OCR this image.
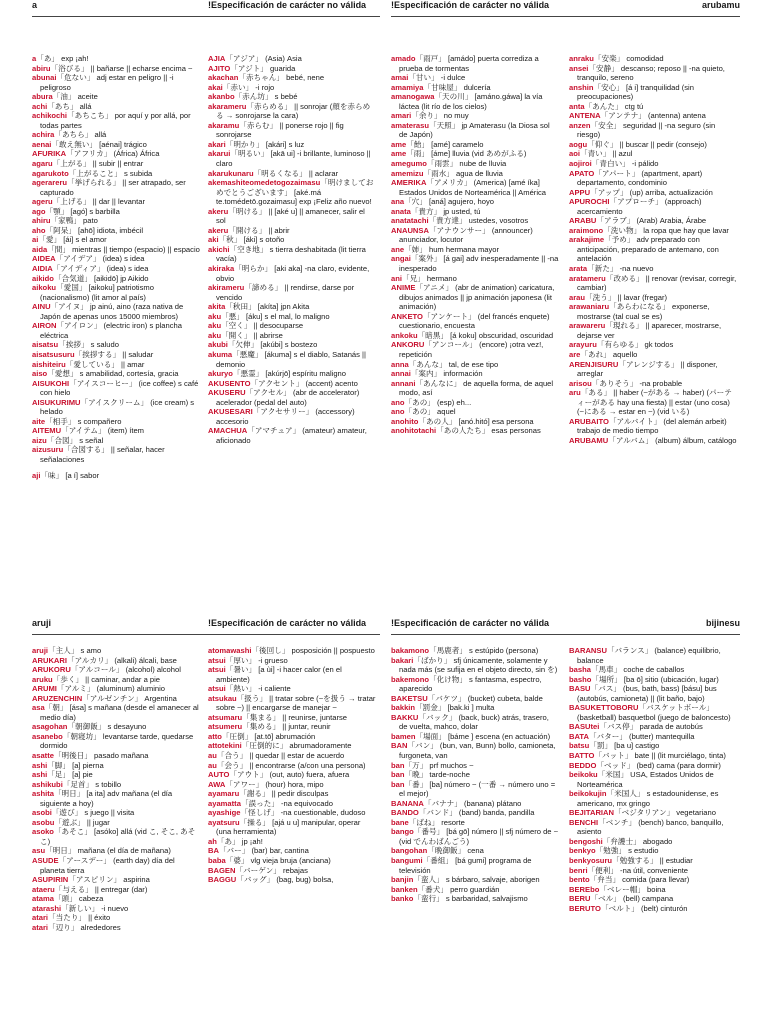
a	!Especificación de carácter no válida	!Especificación de carácter no válida	arubamu

a「あ」 exp ¡ah!

abiru「浴びる」 || bañarse || echarse encima ~

abunai「危ない」 adj estar en peligro || -i peligroso

abura「油」 aceite

achi「あち」 allá

achikochi「あちこち」 por aquí y por allá, por todas partes

achira「あちら」 allá

aenai「敢え無い」 [aénai] trágico

AFURIKA「アフリカ」 (África) África

agaru「上がる」 || subir || entrar

agarukoto「上がること」 s subida

agerareru「挙げられる」 || ser atrapado, ser capturado

ageru「上げる」 || dar || levantar

ago「顎」 [agó] s barbilla

ahiru「家鴨」 pato

aho「阿呆」 [ahō] idiota, imbécil

ai「愛」 [ái] s el amor

aida「間」 mientras || tiempo (espacio) || espacio

AIDEA「アイデア」 (idea) s idea

AIDIA「アイディア」 (idea) s idea

aikido「合気道」 [aikidō] jp Aikido

aikoku「愛国」 [aikoku] patriotismo (nacionalismo) (lit amor al país)

AINU「アイヌ」 jp ainú, aino (raza nativa de Japón de apenas unos 15000 miembros)

AIRON「アイロン」 (electric iron) s plancha eléctrica

aisatsu「挨拶」 s saludo

aisatsusuru「挨拶する」 || saludar

aishiteiru「愛している」 || amar

aiso「愛想」 s amabilidad, cortesía, gracia

AISUKOHI「アイスコーヒー」 (ice coffee) s café con hielo

AISUKURIMU「アイスクリーム」 (ice cream) s helado

aite「相手」 s compañero

AITEMU「アイテム」 (item) ítem

aizu「合図」 s señal

aizusuru「合図する」 || señalar, hacer señalaciones

aji「味」 [a í] sabor

AJIA「アジア」 (Asia) Asia

AJITO「アジト」 guarida

akachan「赤ちゃん」 bebé, nene

akai「赤い」 -i rojo

akanbo「赤ん坊」 s bebé

akarameru「赤らめる」 || sonrojar (顔を赤らめる → sonrojarse la cara)

akaramu「赤らむ」 || ponerse rojo || fig sonrojarse

akari「明かり」 [akári] s luz

akarui「明るい」 [akā ui] -i brillante, luminoso || claro

akarukunaru「明るくなる」 || aclarar

akemashiteomedetogozaimasu「明けましておめでとうございます」 [aké.má te.tomédetō.gozaimasu] exp ¡Feliz año nuevo!

akeru「明ける」 || [aké u] || amanecer, salir el sol

akeru「開ける」 || abrir

aki「秋」 [áki] s otoño

akichi「空き地」 s tierra deshabitada (lit tierra vacía)

akiraka「明らか」 [aki aka] -na claro, evidente, obvio

akirameru「諦める」 || rendirse, darse por vencido

akita「秋田」 [akíta] jpn Akita

aku「悪」 [áku] s el mal, lo maligno

aku「空く」 || desocuparse

aku「開く」 || abrirse

akubi「欠伸」 [akúbi] s bostezo

akuma「悪魔」 [ákuma] s el diablo, Satanás || demonio

akuryo「悪霊」 [akúrjō] espíritu maligno

AKUSENTO「アクセント」 (accent) acento

AKUSERU「アクセル」 (abr de accelerator) acelerador (pedal del auto)

AKUSESARI「アクセサリー」 (accessory) accesorio

AMACHUA「アマチュア」 (amateur) amateur, aficionado

amado「雨戸」 [amádo] puerta corrediza a prueba de tormentas

amai「甘い」 -i dulce

amamiya「甘味屋」 dulcería

amanogawa「天の川」 [amáno.gáwa] la vía láctea (lit río de los cielos)

amari「余り」 no muy

amaterasu「天照」 jp Amaterasu (la Diosa sol de Japón)

ame「飴」 [amé] caramelo

ame「雨」 [áme] lluvia (vid あめがふる)

amegumo「雨雲」 nube de lluvia

amemizu「雨水」 agua de lluvia

AMERIKA「アメリカ」 (America) [amé íka] Estados Unidos de Norteamérica || América

ana「穴」 [aná] agujero, hoyo

anata「貴方」 jp usted, tú

anatatachi「貴方達」 ustedes, vosotros

ANAUNSA「アナウンサー」 (announcer) anunciador, locutor

ane「姉」 hum hermana mayor

angai「案外」 [á gai] adv inesperadamente || -na inesperado

ani「兄」 hermano

ANIME「アニメ」 (abr de animation) caricatura, dibujos animados || jp animación japonesa (lit animación)

ANKETO「アンケート」 (del francés enquete) cuestionario, encuesta

ankoku「暗黒」 [á koku] obscuridad, oscuridad

ANKORU「アンコール」 (encore) ¡otra vez!, repetición

anna「あんな」 tal, de ese tipo

annai「案内」 información

annani「あんなに」 de aquella forma, de aquel modo, así

ano「あの」 (esp) eh...

ano「あの」 aquel

anohito「あの人」 [anó.hitó] esa persona

anohitotachi「あの人たち」 esas personas

anraku「安楽」 comodidad

ansei「安静」 descanso; reposo || -na quieto, tranquilo, sereno

anshin「安心」 [á i] tranquilidad (sin preocupaciones)

anta「あんた」 ctg tú

ANTENA「アンテナ」 (antenna) antena

anzen「安全」 seguridad || -na seguro (sin riesgo)

aogu「仰ぐ」 || buscar || pedir (consejo)

aoi「青い」 || azul

aojiroi「青白い」 -i pálido

APATO「アパート」 (apartment, apart) departamento, condominio

APPU「アップ」 (up) arriba, actualización

APUROCHI「アプローチ」 (approach) acercamiento

ARABU「アラブ」 (Arab) Arabia, Árabe

araimono「洗い物」 la ropa que hay que lavar

arakajime「予め」 adv preparado con anticipación, preparado de antemano, con antelación

arata「新た」 -na nuevo

aratameru「改める」 || renovar (revisar, corregir, cambiar)

arau「洗う」 || lavar (fregar)

arawaniaru「あらわになる」 exponerse, mostrarse (tal cual se es)

arawareru「現れる」 || aparecer, mostrarse, dejarse ver

arayuru「有らゆる」 gk todos

are「あれ」 aquello

ARENJISURU「アレンジする」 || disponer, arreglar

arisou「ありそう」 -na probable

aru「ある」 || haber (~がある → haber) (パーティーがある hay una fiesta) || estar (uno cosa) (~にある → estar en ~) (vid いる)

ARUBAITO「アルバイト」 (del alemán arbeit) trabajo de medio tiempo

ARUBAMU「アルバム」 (album) álbum, catálogo

aruji	!Especificación de carácter no válida	!Especificación de carácter no válida	bijinesu

aruji「主人」 s amo

ARUKARI「アルカリ」 (alkali) álcali, base

ARUKORU「アルコール」 (alcohol) alcohol

aruku「歩く」 || caminar, andar a pie

ARUMI「アルミ」 (aluminum) aluminio

ARUZENCHIN「アルゼンチン」 Argentina

asa「朝」 [ása] s mañana (desde el amanecer al medio día)

asagohan「朝御飯」 s desayuno

asanebo「朝寝坊」 levantarse tarde, quedarse dormido

asatte「明後日」 pasado mañana

ashi「脚」 [a] pierna

ashi「足」 [a] pie

ashikubi「足首」 s tobillo

ashita「明日」 [a ita] adv mañana (el día siguiente a hoy)

asobi「遊び」 s juego || visita

asobu「遊ぶ」 || jugar

asoko「あそこ」 [asóko] allá (vid こ, そこ, あそこ)

asu「明日」 mañana (el día de mañana)

ASUDE「アースデー」 (earth day) día del planeta tierra

ASUPIRIN「アスピリン」 aspirina

ataeru「与える」 || entregar (dar)

atama「頭」 cabeza

atarashi「新しい」 -i nuevo

atari「当たり」 || éxito

atari「辺り」 alrededores

atomawashi「後回し」 posposición || pospuesto

atsui「厚い」 -i grueso

atsui「暑い」 [a ùi] -i hacer calor (en el ambiente)

atsui「熱い」 -i caliente

atsukau「扱う」 || tratar sobre (~を扱う → tratar sobre ~) || encargarse de manejar ~

atsumaru「集まる」 || reunirse, juntarse

atsumeru「集める」 || juntar, reunir

atto「圧倒」 [at.tō] abrumación

attotekini「圧倒的に」 abrumadoramente

au「合う」 || quedar || estar de acuerdo

au「会う」 || encontrarse (a/con una persona)

AUTO「アウト」 (out, auto) fuera, afuera

AWA「アワー」 (hour) hora, mipo

ayamaru「謝る」 || pedir disculpas

ayamatta「誤った」 -na equivocado

ayashige「怪しげ」 -na cuestionable, dudoso

ayatsuru「操る」 [ajá u u] manipular, operar (una herramienta)

ah「あ」 jp ¡ah!

BA「バー」 (bar) bar, cantina

baba「婆」 vlg vieja bruja (anciana)

BAGEN「バーゲン」 rebajas

BAGGU「バッグ」 (bag, bug) bolsa,

bakamono「馬鹿者」 s estúpido (persona)

bakari「ばかり」 sfj únicamente, solamente y nada más (se sufija en el objeto directo, sin を)

bakemono「化け物」 s fantasma, espectro, aparecido

BAKETSU「バケツ」 (bucket) cubeta, balde

bakkin「罰金」 [bak.ki ] multa

BAKKU「バック」 (back, buck) atrás, trasero, de vuelta, mahco, dolar

bamen「場面」 [báme ] escena (en actuación)

BAN「バン」 (bun, van, Bunn) bollo, camioneta, furgoneta, van

ban「万」 prf muchos ~

ban「晩」 tarde-noche

ban「番」 [ba] número ~ (一番 → número uno = el mejor)

BANANA「バナナ」 (banana) plátano

BANDO「バンド」 (band) banda, pandilla

bane「ばね」 resorte

bango「番号」 [bá gō] número || sfj número de ~ (vid でんわばんごう)

bangohan「晩御飯」 cena

bangumi「番組」 [bá gumi] programa de televisión

banjin「蛮人」 s bárbaro, salvaje, aborigen

banken「番犬」 perro guardián

banko「蛮行」 s barbaridad, salvajismo

BARANSU「バランス」 (balance) equilibrio, balance

basha「馬車」 coche de caballos

basho「場所」 [ba ō] sitio (ubicación, lugar)

BASU「バス」 (bus, bath, bass) [básu] bus (autobús, camioneta) || (lit baño, bajo)

BASUKETTOBORU「バスケットボール」 (basketball) basquetbol (juego de baloncesto)

BASUtei「バス停」 parada de autobús

BATA「バター」 (butter) mantequilla

batsu「罰」 [ba u] castigo

BATTO「バット」 bate || (lit murciélago, tinta)

BEDDO「ベッド」 (bed) cama (para dormir)

beikoku「米国」 USA, Estados Unidos de Norteamérica

beikokujin「米国人」 s estadounidense, es americano, mx gringo

BEJITARIAN「ベジタリアン」 vegetariano

BENCHI「ベンチ」 (bench) banco, banquillo, asiento

bengoshi「弁護士」 abogado

benkyo「勉強」 s estudio

benkyosuru「勉強する」 || estudiar

benri「便利」 -na útil, conveniente

bento「弁当」 comida (para llevar)

BEREbo「ベレー帽」 boina

BERU「ベル」 (bell) campana

BERUTO「ベルト」 (belt) cinturón
